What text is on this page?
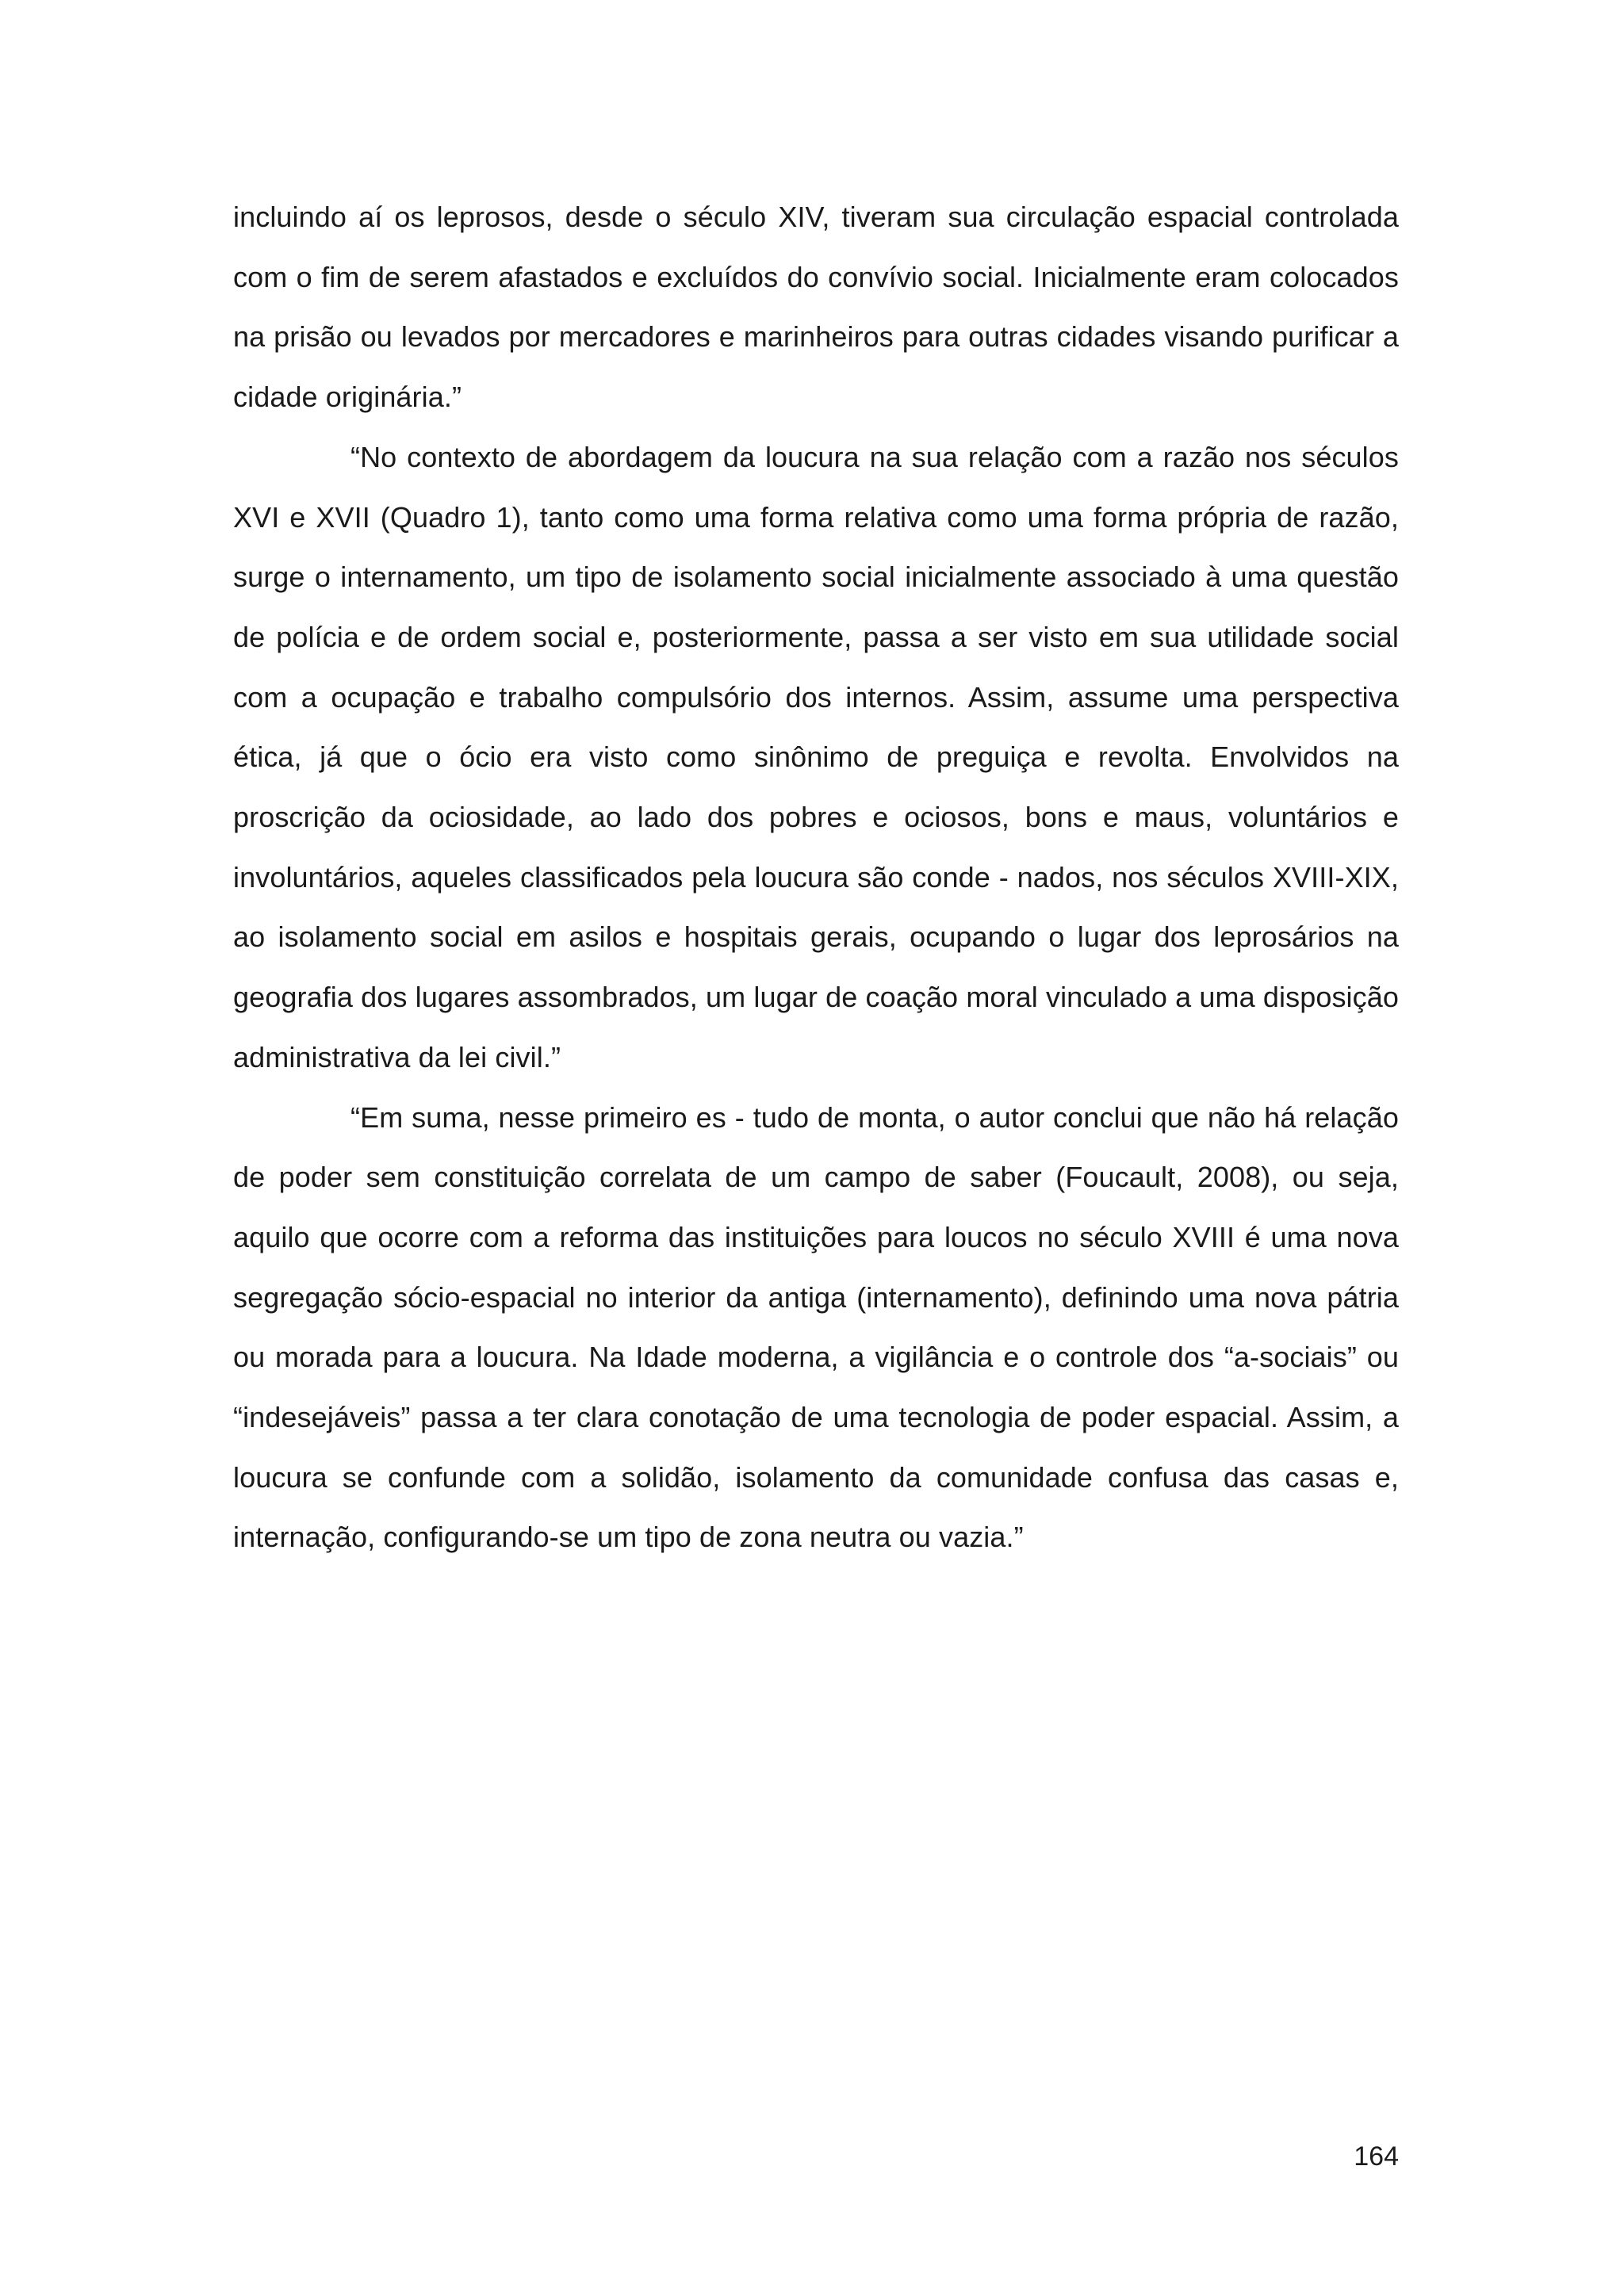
incluindo aí os leprosos, desde o século XIV, tiveram sua circulação espacial controlada com o fim de serem afastados e excluídos do convívio social. Inicialmente eram colocados na prisão ou levados por mercadores e marinheiros para outras cidades visando purificar a cidade originária.”

“No contexto de abordagem da loucura na sua relação com a razão nos séculos XVI e XVII (Quadro 1), tanto como uma forma relativa como uma forma própria de razão, surge o internamento, um tipo de isolamento social inicialmente associado à uma questão de polícia e de ordem social e, posteriormente, passa a ser visto em sua utilidade social com a ocupação e trabalho compulsório dos internos. Assim, assume uma perspectiva ética, já que o ócio era visto como sinônimo de preguiça e revolta. Envolvidos na proscrição da ociosidade, ao lado dos pobres e ociosos, bons e maus, voluntários e involuntários, aqueles classificados pela loucura são conde - nados, nos séculos XVIII-XIX, ao isolamento social em asilos e hospitais gerais, ocupando o lugar dos leprosários na geografia dos lugares assombrados, um lugar de coação moral vinculado a uma disposição administrativa da lei civil.”

“Em suma, nesse primeiro es - tudo de monta, o autor conclui que não há relação de poder sem constituição correlata de um campo de saber (Foucault, 2008), ou seja, aquilo que ocorre com a reforma das instituições para loucos no século XVIII é uma nova segregação sócio-espacial no interior da antiga (internamento), definindo uma nova pátria ou morada para a loucura. Na Idade moderna, a vigilância e o controle dos “a-sociais” ou “indesejáveis” passa a ter clara conotação de uma tecnologia de poder espacial. Assim, a loucura se confunde com a solidão, isolamento da comunidade confusa das casas e, internação, configurando-se um tipo de zona neutra ou vazia.”

164
